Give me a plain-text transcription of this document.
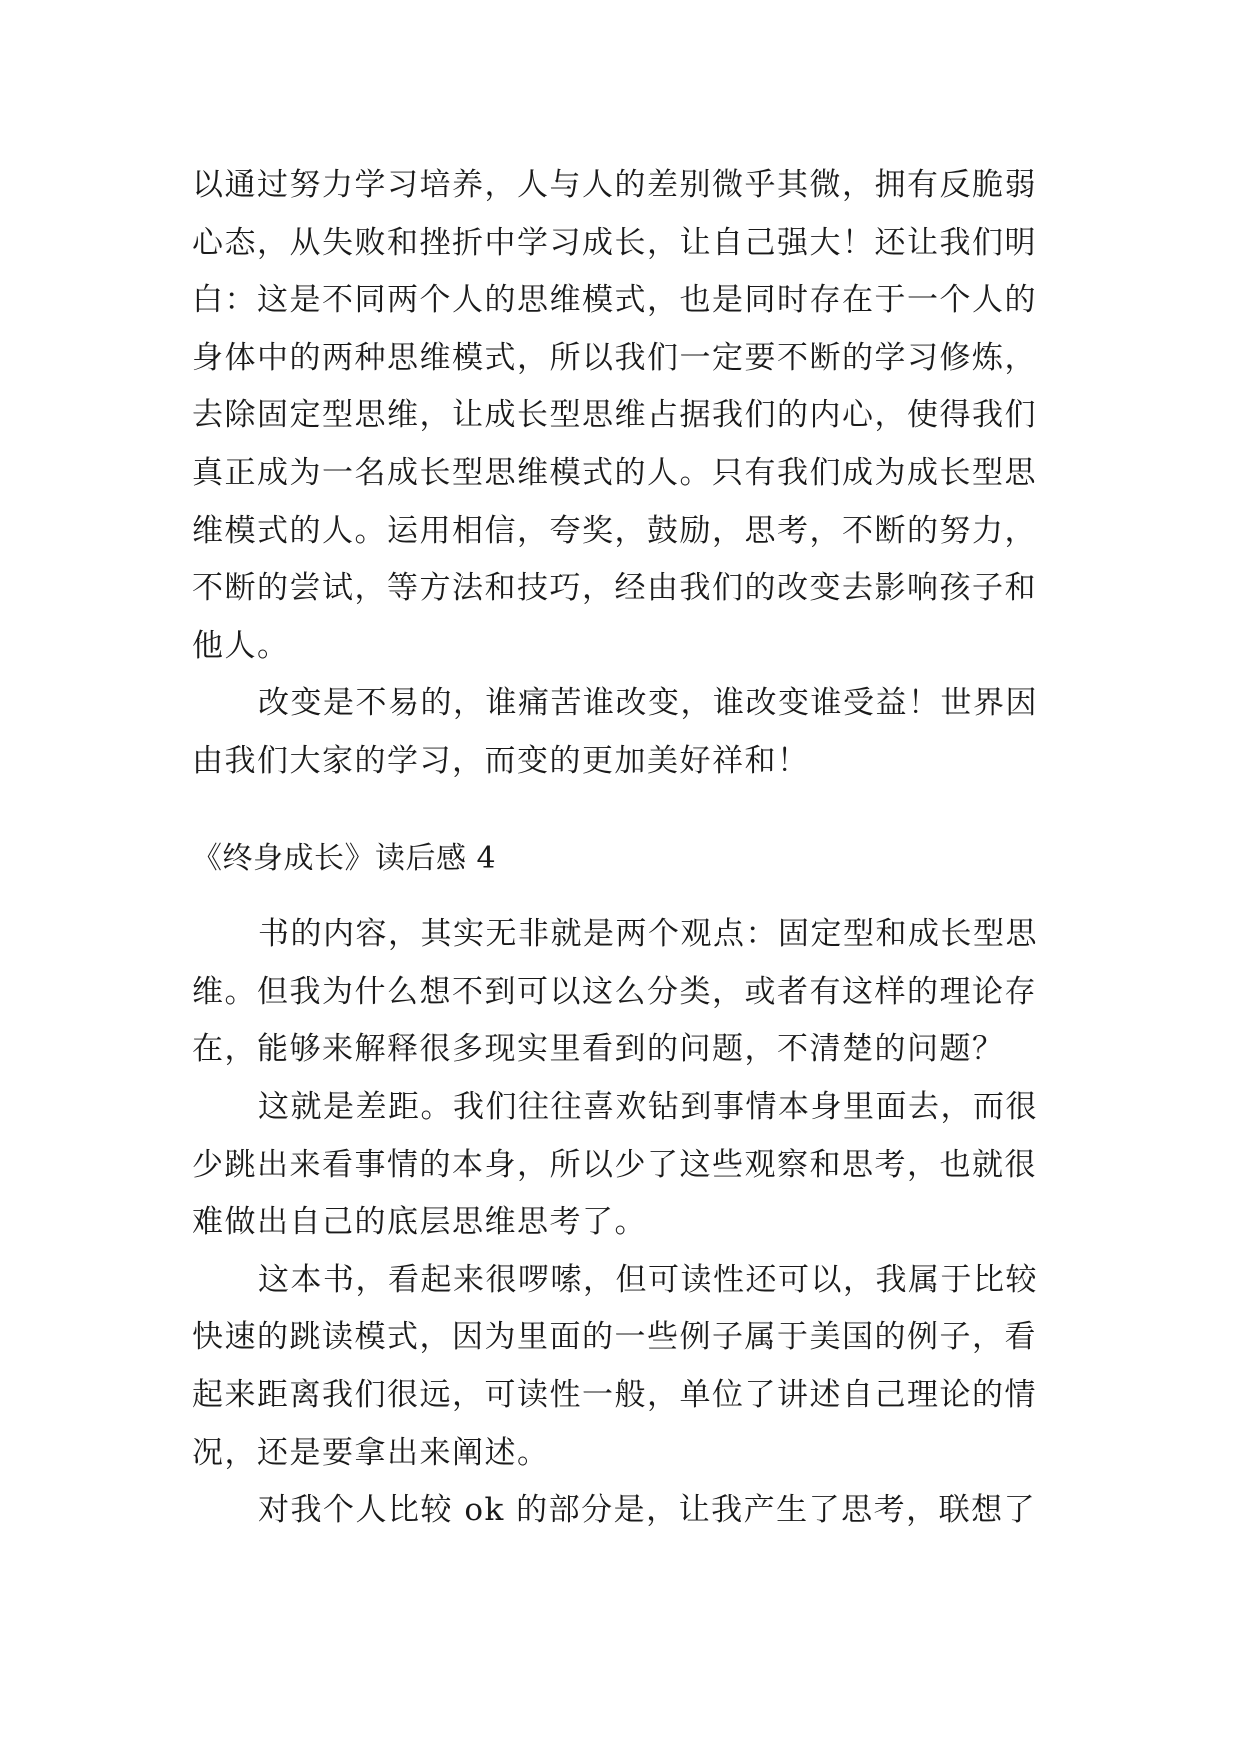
以通过努力学习培养，人与人的差别微乎其微，拥有反脆弱
心态，从失败和挫折中学习成长，让自己强大！还让我们明
白：这是不同两个人的思维模式，也是同时存在于一个人的
身体中的两种思维模式，所以我们一定要不断的学习修炼，
去除固定型思维，让成长型思维占据我们的内心，使得我们
真正成为一名成长型思维模式的人。只有我们成为成长型思
维模式的人。运用相信，夸奖，鼓励，思考，不断的努力，
不断的尝试，等方法和技巧，经由我们的改变去影响孩子和
他人。
改变是不易的，谁痛苦谁改变，谁改变谁受益！世界因
由我们大家的学习，而变的更加美好祥和！
《终身成长》读后感 4
书的内容，其实无非就是两个观点：固定型和成长型思
维。但我为什么想不到可以这么分类，或者有这样的理论存
在，能够来解释很多现实里看到的问题，不清楚的问题？
这就是差距。我们往往喜欢钻到事情本身里面去，而很
少跳出来看事情的本身，所以少了这些观察和思考，也就很
难做出自己的底层思维思考了。
这本书，看起来很啰嗦，但可读性还可以，我属于比较
快速的跳读模式，因为里面的一些例子属于美国的例子，看
起来距离我们很远，可读性一般，单位了讲述自己理论的情
况，还是要拿出来阐述。
对我个人比较 ok 的部分是，让我产生了思考，联想了
